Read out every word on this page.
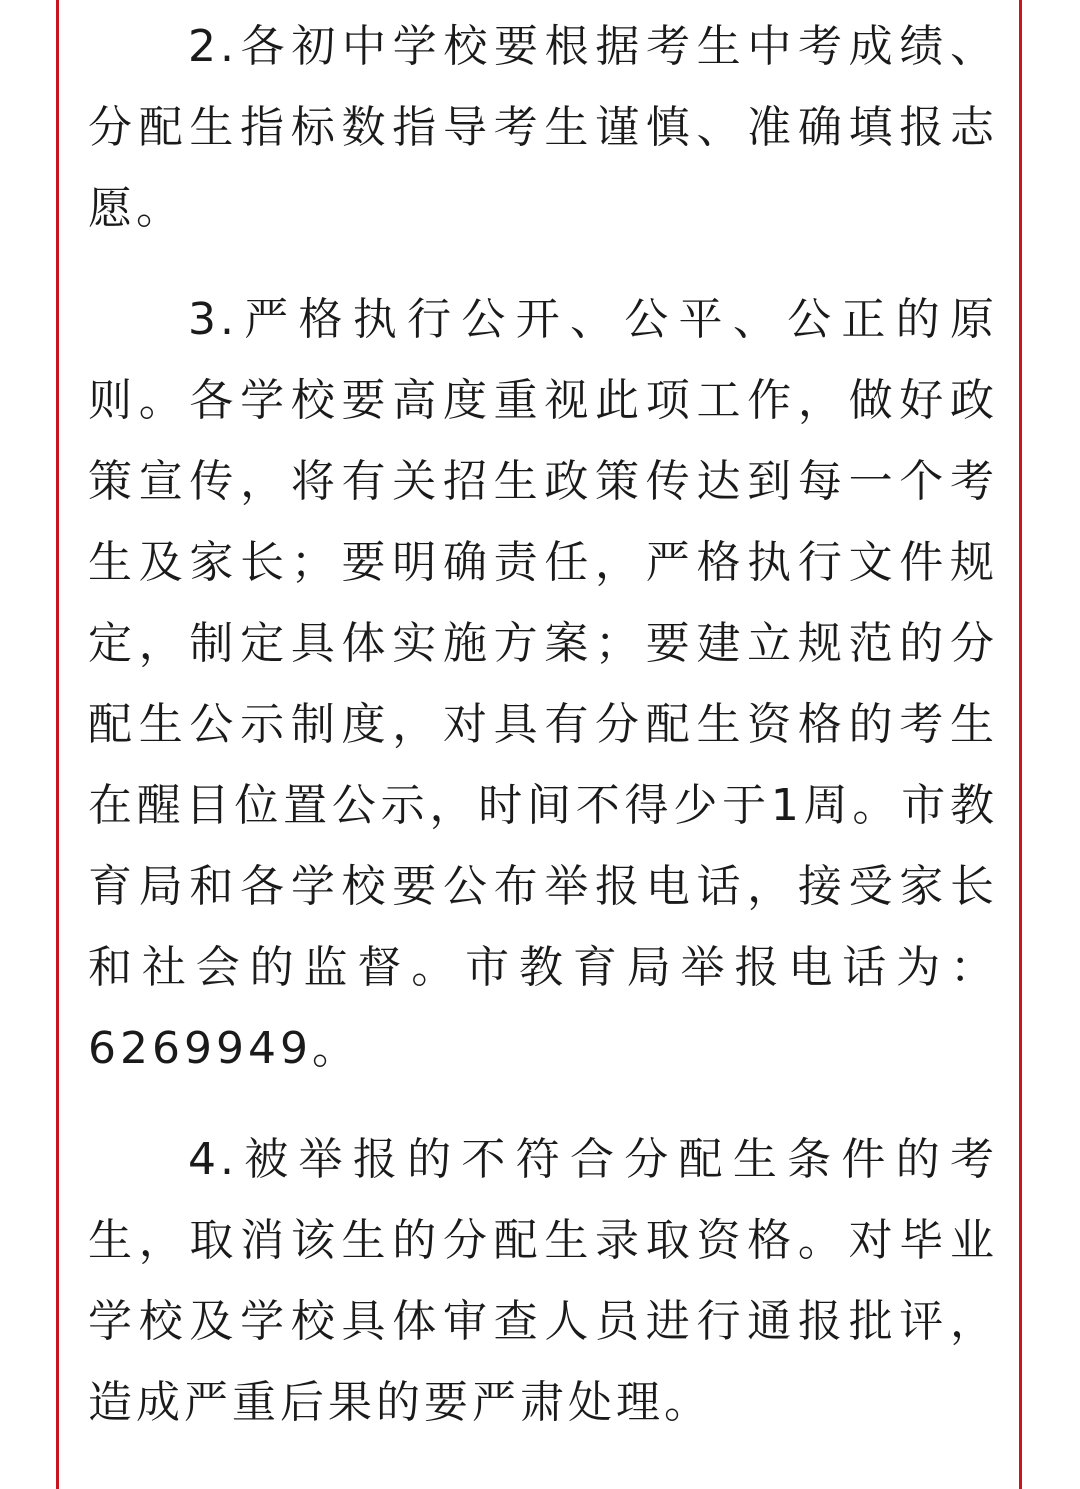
2.各初中学校要根据考生中考成绩、分配生指标数指导考生谨慎、准确填报志愿。

3.严格执行公开、公平、公正的原则。各学校要高度重视此项工作，做好政策宣传，将有关招生政策传达到每一个考生及家长；要明确责任，严格执行文件规定，制定具体实施方案；要建立规范的分配生公示制度，对具有分配生资格的考生在醒目位置公示，时间不得少于1周。市教育局和各学校要公布举报电话，接受家长和社会的监督。市教育局举报电话为：6269949。

4.被举报的不符合分配生条件的考生，取消该生的分配生录取资格。对毕业学校及学校具体审查人员进行通报批评，造成严重后果的要严肃处理。
